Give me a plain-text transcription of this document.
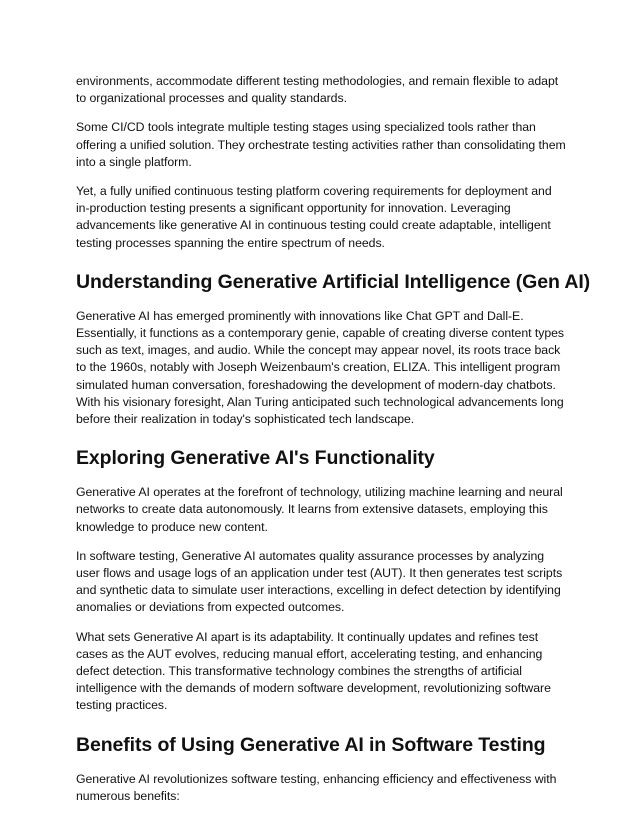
environments, accommodate different testing methodologies, and remain flexible to adapt to organizational processes and quality standards.

Some CI/CD tools integrate multiple testing stages using specialized tools rather than offering a unified solution. They orchestrate testing activities rather than consolidating them into a single platform.

Yet, a fully unified continuous testing platform covering requirements for deployment and in-production testing presents a significant opportunity for innovation. Leveraging advancements like generative AI in continuous testing could create adaptable, intelligent testing processes spanning the entire spectrum of needs.

Understanding Generative Artificial Intelligence (Gen AI)

Generative AI has emerged prominently with innovations like Chat GPT and Dall-E. Essentially, it functions as a contemporary genie, capable of creating diverse content types such as text, images, and audio. While the concept may appear novel, its roots trace back to the 1960s, notably with Joseph Weizenbaum's creation, ELIZA. This intelligent program simulated human conversation, foreshadowing the development of modern-day chatbots. With his visionary foresight, Alan Turing anticipated such technological advancements long before their realization in today's sophisticated tech landscape.

Exploring Generative AI's Functionality

Generative AI operates at the forefront of technology, utilizing machine learning and neural networks to create data autonomously. It learns from extensive datasets, employing this knowledge to produce new content.

In software testing, Generative AI automates quality assurance processes by analyzing user flows and usage logs of an application under test (AUT). It then generates test scripts and synthetic data to simulate user interactions, excelling in defect detection by identifying anomalies or deviations from expected outcomes.

What sets Generative AI apart is its adaptability. It continually updates and refines test cases as the AUT evolves, reducing manual effort, accelerating testing, and enhancing defect detection. This transformative technology combines the strengths of artificial intelligence with the demands of modern software development, revolutionizing software testing practices.

Benefits of Using Generative AI in Software Testing

Generative AI revolutionizes software testing, enhancing efficiency and effectiveness with numerous benefits:
